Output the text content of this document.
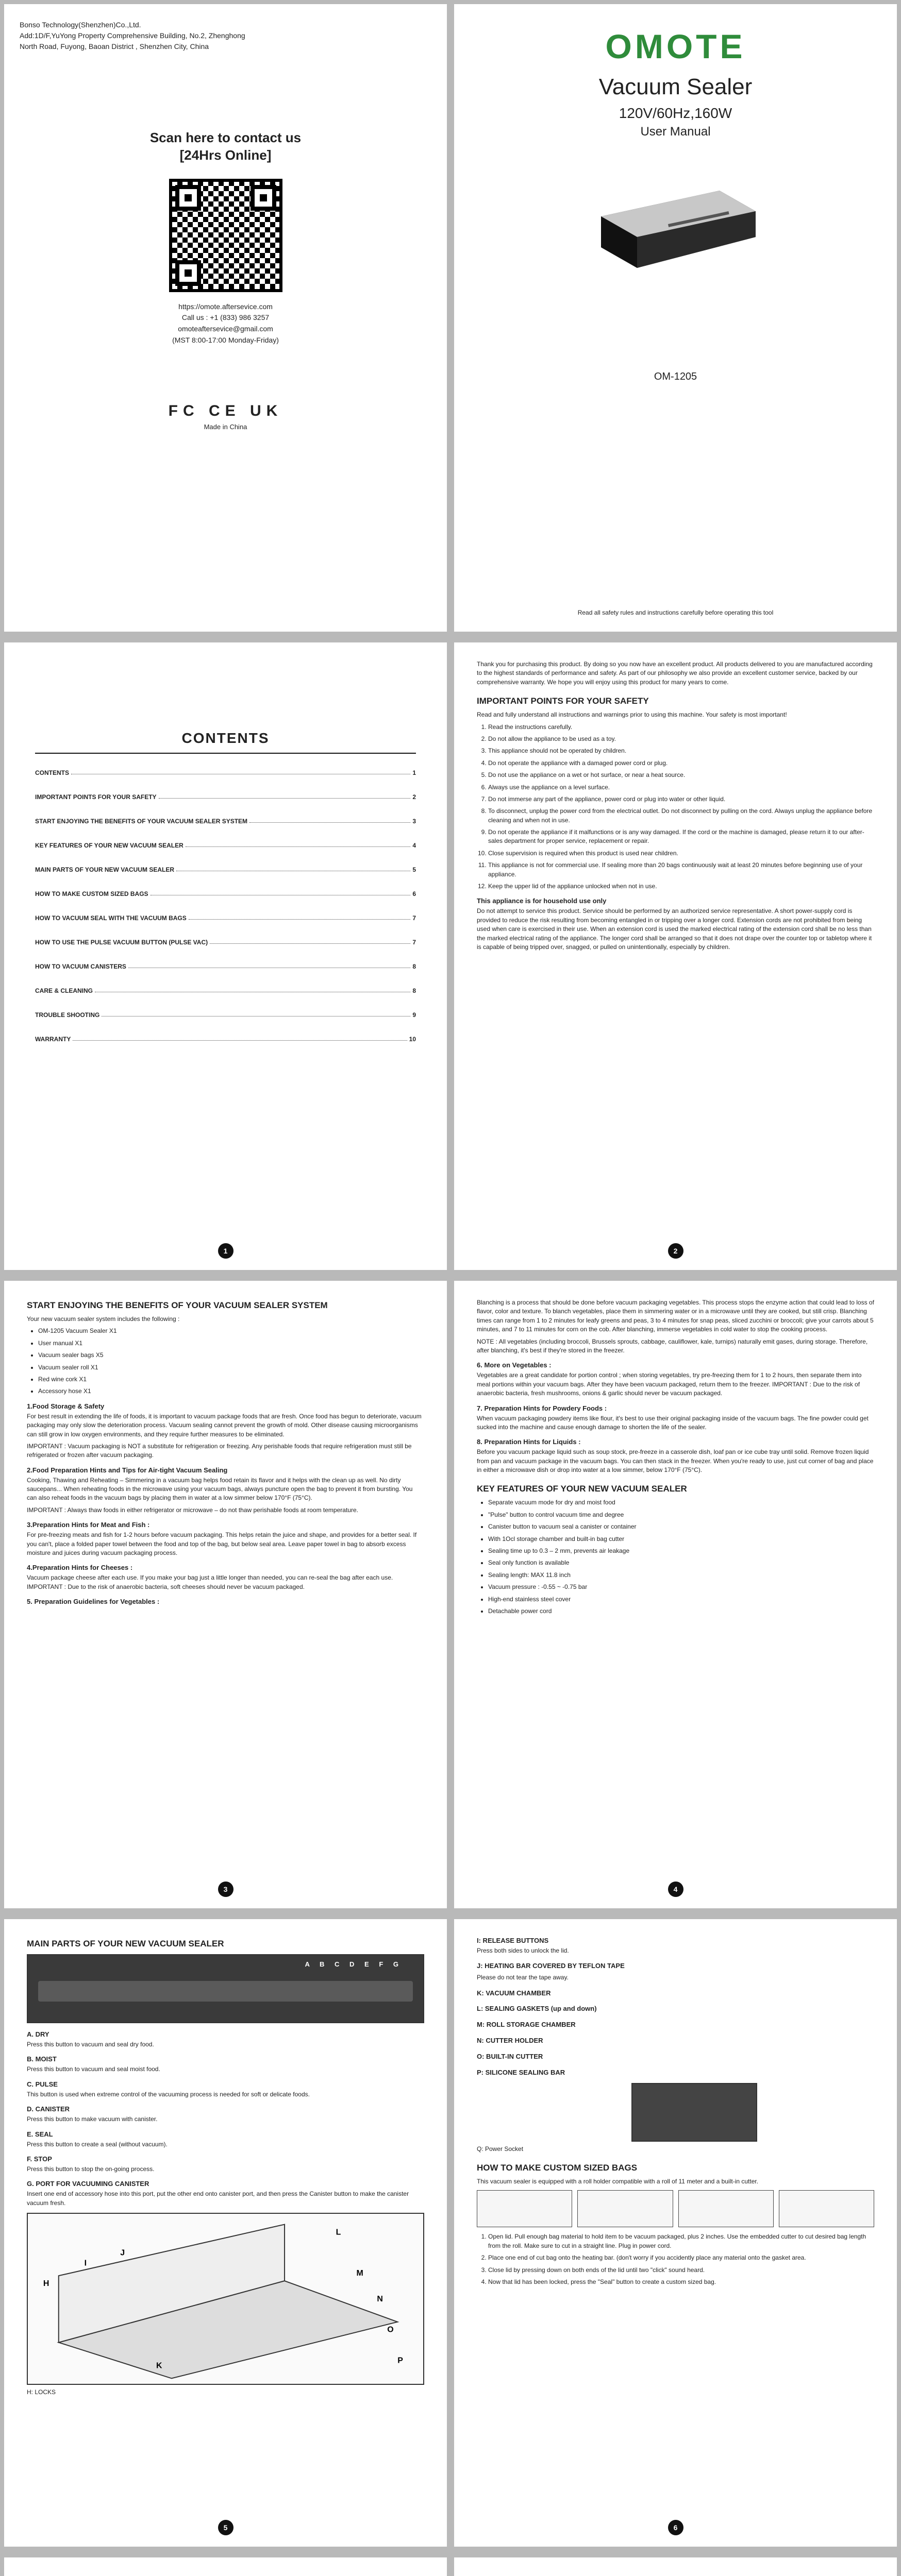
Bonso Technology(Shenzhen)Co.,Ltd.
Add:1D/F,YuYong Property Comprehensive Building, No.2, Zhenghong
North Road, Fuyong, Baoan District , Shenzhen City, China
Scan here to contact us
[24Hrs Online]
https://omote.aftersevice.com
Call us : +1 (833) 986 3257
omoteaftersevice@gmail.com
(MST 8:00-17:00 Monday-Friday)
FC CE UK
Made in China
OMOTE
Vacuum Sealer
120V/60Hz,160W
User Manual
OM-1205
Read all safety rules and instructions carefully before operating this tool
CONTENTS
CONTENTS	1
IMPORTANT POINTS FOR YOUR SAFETY	2
START ENJOYING THE BENEFITS OF YOUR VACUUM SEALER SYSTEM	3
KEY FEATURES OF YOUR NEW VACUUM SEALER	4
MAIN PARTS OF YOUR NEW VACUUM SEALER	5
HOW TO MAKE CUSTOM SIZED BAGS	6
HOW TO VACUUM SEAL WITH THE VACUUM BAGS	7
HOW TO USE THE PULSE VACUUM BUTTON (PULSE VAC)	7
HOW TO VACUUM CANISTERS	8
CARE & CLEANING	8
TROUBLE SHOOTING	9
WARRANTY	10
1

Thank you for purchasing this product. By doing so you now have an excellent product. All products delivered to you are manufactured according to the highest standards of performance and safety. As part of our philosophy we also provide an excellent customer service, backed by our comprehensive warranty. We hope you will enjoy using this product for many years to come.

IMPORTANT POINTS FOR YOUR SAFETY

Read and fully understand all instructions and warnings prior to using this machine. Your safety is most important!

1. Read the instructions carefully.
2. Do not allow the appliance to be used as a toy.
3. This appliance should not be operated by children.
4. Do not operate the appliance with a damaged power cord or plug.
5. Do not use the appliance on a wet or hot surface, or near a heat source.
6. Always use the appliance on a level surface.
7. Do not immerse any part of the appliance, power cord or plug into water or other liquid.
8. To disconnect, unplug the power cord from the electrical outlet. Do not disconnect by pulling on the cord. Always unplug the appliance before cleaning and when not in use.
9. Do not operate the appliance if it malfunctions or is any way damaged. If the cord or the machine is damaged, please return it to our after-sales department for proper service, replacement or repair.
10. Close supervision is required when this product is used near children.
11. This appliance is not for commercial use. If sealing more than 20 bags continuously wait at least 20 minutes before beginning use of your appliance.
12. Keep the upper lid of the appliance unlocked when not in use.
This appliance is for household use only

Do not attempt to service this product. Service should be performed by an authorized service representative. A short power-supply cord is provided to reduce the risk resulting from becoming entangled in or tripping over a longer cord. Extension cords are not prohibited from being used when care is exercised in their use. When an extension cord is used the marked electrical rating of the extension cord shall be no less than the marked electrical rating of the appliance. The longer cord shall be arranged so that it does not drape over the counter top or tabletop where it is capable of being tripped over, snagged, or pulled on unintentionally, especially by children.

2
START ENJOYING THE BENEFITS OF YOUR VACUUM SEALER SYSTEM

Your new vacuum sealer system includes the following :

• OM-1205 Vacuum Sealer X1
• User manual X1
• Vacuum sealer bags X5
• Vacuum sealer roll X1
• Red wine cork X1
• Accessory hose X1
1.Food Storage & Safety

For best result in extending the life of foods, it is important to vacuum package foods that are fresh. Once food has begun to deteriorate, vacuum packaging may only slow the deterioration process. Vacuum sealing cannot prevent the growth of mold. Other disease causing microorganisms can still grow in low oxygen environments, and they require further measures to be eliminated.

IMPORTANT : Vacuum packaging is NOT a substitute for refrigeration or freezing. Any perishable foods that require refrigeration must still be refrigerated or frozen after vacuum packaging.

2.Food Preparation Hints and Tips for Air-tight Vacuum Sealing

Cooking, Thawing and Reheating – Simmering in a vacuum bag helps food retain its flavor and it helps with the clean up as well. No dirty saucepans... When reheating foods in the microwave using your vacuum bags, always puncture open the bag to prevent it from bursting. You can also reheat foods in the vacuum bags by placing them in water at a low simmer below 170°F (75°C).

IMPORTANT : Always thaw foods in either refrigerator or microwave – do not thaw perishable foods at room temperature.

3.Preparation Hints for Meat and Fish :

For pre-freezing meats and fish for 1-2 hours before vacuum packaging. This helps retain the juice and shape, and provides for a better seal. If you can't, place a folded paper towel between the food and top of the bag, but below seal area. Leave paper towel in bag to absorb excess moisture and juices during vacuum packaging process.

4.Preparation Hints for Cheeses :

Vacuum package cheese after each use. If you make your bag just a little longer than needed, you can re-seal the bag after each use. IMPORTANT : Due to the risk of anaerobic bacteria, soft cheeses should never be vacuum packaged.

5. Preparation Guidelines for Vegetables :
3

Blanching is a process that should be done before vacuum packaging vegetables. This process stops the enzyme action that could lead to loss of flavor, color and texture. To blanch vegetables, place them in simmering water or in a microwave until they are cooked, but still crisp. Blanching times can range from 1 to 2 minutes for leafy greens and peas, 3 to 4 minutes for snap peas, sliced zucchini or broccoli; give your carrots about 5 minutes, and 7 to 11 minutes for corn on the cob. After blanching, immerse vegetables in cold water to stop the cooking process.

NOTE : All vegetables (including broccoli, Brussels sprouts, cabbage, cauliflower, kale, turnips) naturally emit gases, during storage. Therefore, after blanching, it's best if they're stored in the freezer.

6. More on Vegetables :

Vegetables are a great candidate for portion control ; when storing vegetables, try pre-freezing them for 1 to 2 hours, then separate them into meal portions within your vacuum bags. After they have been vacuum packaged, return them to the freezer. IMPORTANT : Due to the risk of anaerobic bacteria, fresh mushrooms, onions & garlic should never be vacuum packaged.

7. Preparation Hints for Powdery Foods :

When vacuum packaging powdery items like flour, it's best to use their original packaging inside of the vacuum bags. The fine powder could get sucked into the machine and cause enough damage to shorten the life of the sealer.

8. Preparation Hints for Liquids :

Before you vacuum package liquid such as soup stock, pre-freeze in a casserole dish, loaf pan or ice cube tray until solid. Remove frozen liquid from pan and vacuum package in the vacuum bags. You can then stack in the freezer. When you're ready to use, just cut corner of bag and place in either a microwave dish or drop into water at a low simmer, below 170°F (75°C).

KEY FEATURES OF YOUR NEW VACUUM SEALER
• Separate vacuum mode for dry and moist food
• "Pulse" button to control vacuum time and degree
• Canister button to vacuum seal a canister or container
• With 1Ocl storage chamber and built-in bag cutter
• Sealing time up to 0.3 – 2 mm, prevents air leakage
• Seal only function is available
• Sealing length: MAX 11.8 inch
• Vacuum pressure : -0.55 ~ -0.75 bar
• High-end stainless steel cover
• Detachable power cord
4
MAIN PARTS OF YOUR NEW VACUUM SEALER
A B C D E F G
A. DRY

Press this button to vacuum and seal dry food.

B. MOIST

Press this button to vacuum and seal moist food.

C. PULSE

This button is used when extreme control of the vacuuming process is needed for soft or delicate foods.

D. CANISTER

Press this button to make vacuum with canister.

E. SEAL

Press this button to create a seal (without vacuum).

F. STOP

Press this button to stop the on-going process.

G. PORT FOR VACUUMING CANISTER

Insert one end of accessory hose into this port, put the other end onto canister port, and then press the Canister button to make the canister vacuum fresh.

H
I
J
K
L
M
N
O
P

H: LOCKS

5
I: RELEASE BUTTONS

Press both sides to unlock the lid.

J: HEATING BAR COVERED BY TEFLON TAPE

Please do not tear the tape away.

K: VACUUM CHAMBER

L: SEALING GASKETS (up and down)

M: ROLL STORAGE CHAMBER

N: CUTTER HOLDER

O: BUILT-IN CUTTER

P: SILICONE SEALING BAR

Q: Power Socket

HOW TO MAKE CUSTOM SIZED BAGS

This vacuum sealer is equipped with a roll holder compatible with a roll of 11 meter and a built-in cutter.

1. Open lid. Pull enough bag material to hold item to be vacuum packaged, plus 2 inches. Use the embedded cutter to cut desired bag length from the roll. Make sure to cut in a straight line. Plug in power cord.
2. Place one end of cut bag onto the heating bar. (don't worry if you accidently place any material onto the gasket area.
3. Close lid by pressing down on both ends of the lid until two "click" sound heard.
4. Now that lid has been locked, press the "Seal" button to create a custom sized bag.
6
